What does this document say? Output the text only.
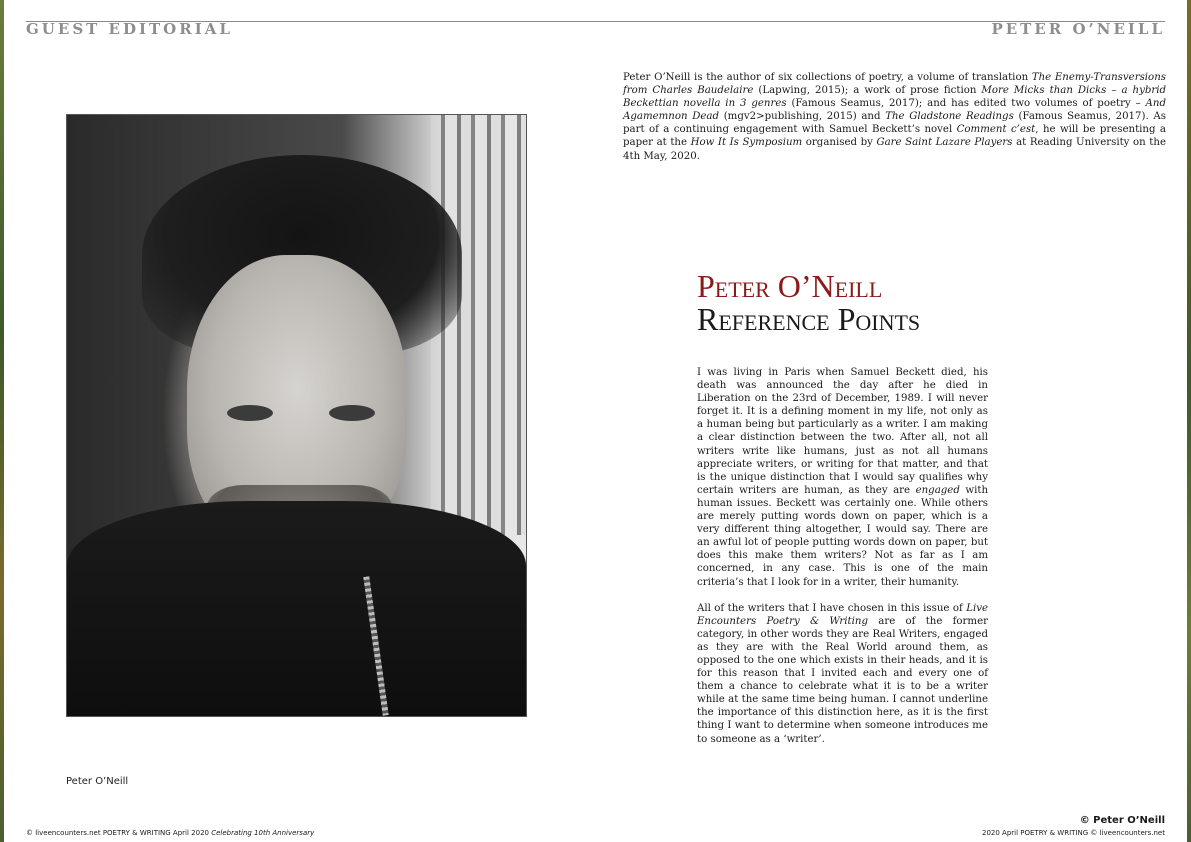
GUEST EDITORIAL	PETER O’NEILL
Peter O’Neill
Peter O’Neill is the author of six collections of poetry, a volume of translation The Enemy-Transversions from Charles Baudelaire (Lapwing, 2015); a work of prose fiction More Micks than Dicks – a hybrid Beckettian novella in 3 genres (Famous Seamus, 2017); and has edited two volumes of poetry – And Agamemnon Dead (mgv2>publishing, 2015) and The Gladstone Readings (Famous Seamus, 2017). As part of a continuing engagement with Samuel Beckett’s novel Comment c’est, he will be presenting a paper at the How It Is Symposium organised by Gare Saint Lazare Players at Reading University on the 4th May, 2020.
Peter O’Neill
Reference Points

I was living in Paris when Samuel Beckett died, his death was announced the day after he died in Liberation on the 23rd of December, 1989. I will never forget it. It is a defining moment in my life, not only as a human being but particularly as a writer. I am making a clear distinction between the two. After all, not all writers write like humans, just as not all humans appreciate writers, or writing for that matter, and that is the unique distinction that I would say qualifies why certain writers are human, as they are engaged with human issues. Beckett was certainly one. While others are merely putting words down on paper, which is a very different thing altogether, I would say. There are an awful lot of people putting words down on paper, but does this make them writers? Not as far as I am concerned, in any case. This is one of the main criteria’s that I look for in a writer, their humanity.

All of the writers that I have chosen in this issue of Live Encounters Poetry & Writing are of the former category, in other words they are Real Writers, engaged as they are with the Real World around them, as opposed to the one which exists in their heads, and it is for this reason that I invited each and every one of them a chance to celebrate what it is to be a writer while at the same time being human. I cannot underline the importance of this distinction here, as it is the first thing I want to determine when someone introduces me to someone as a ‘writer’.

© Peter O’Neill
© liveencounters.net POETRY & WRITING April 2020 Celebrating 10th Anniversary	2020 April POETRY & WRITING © liveencounters.net
